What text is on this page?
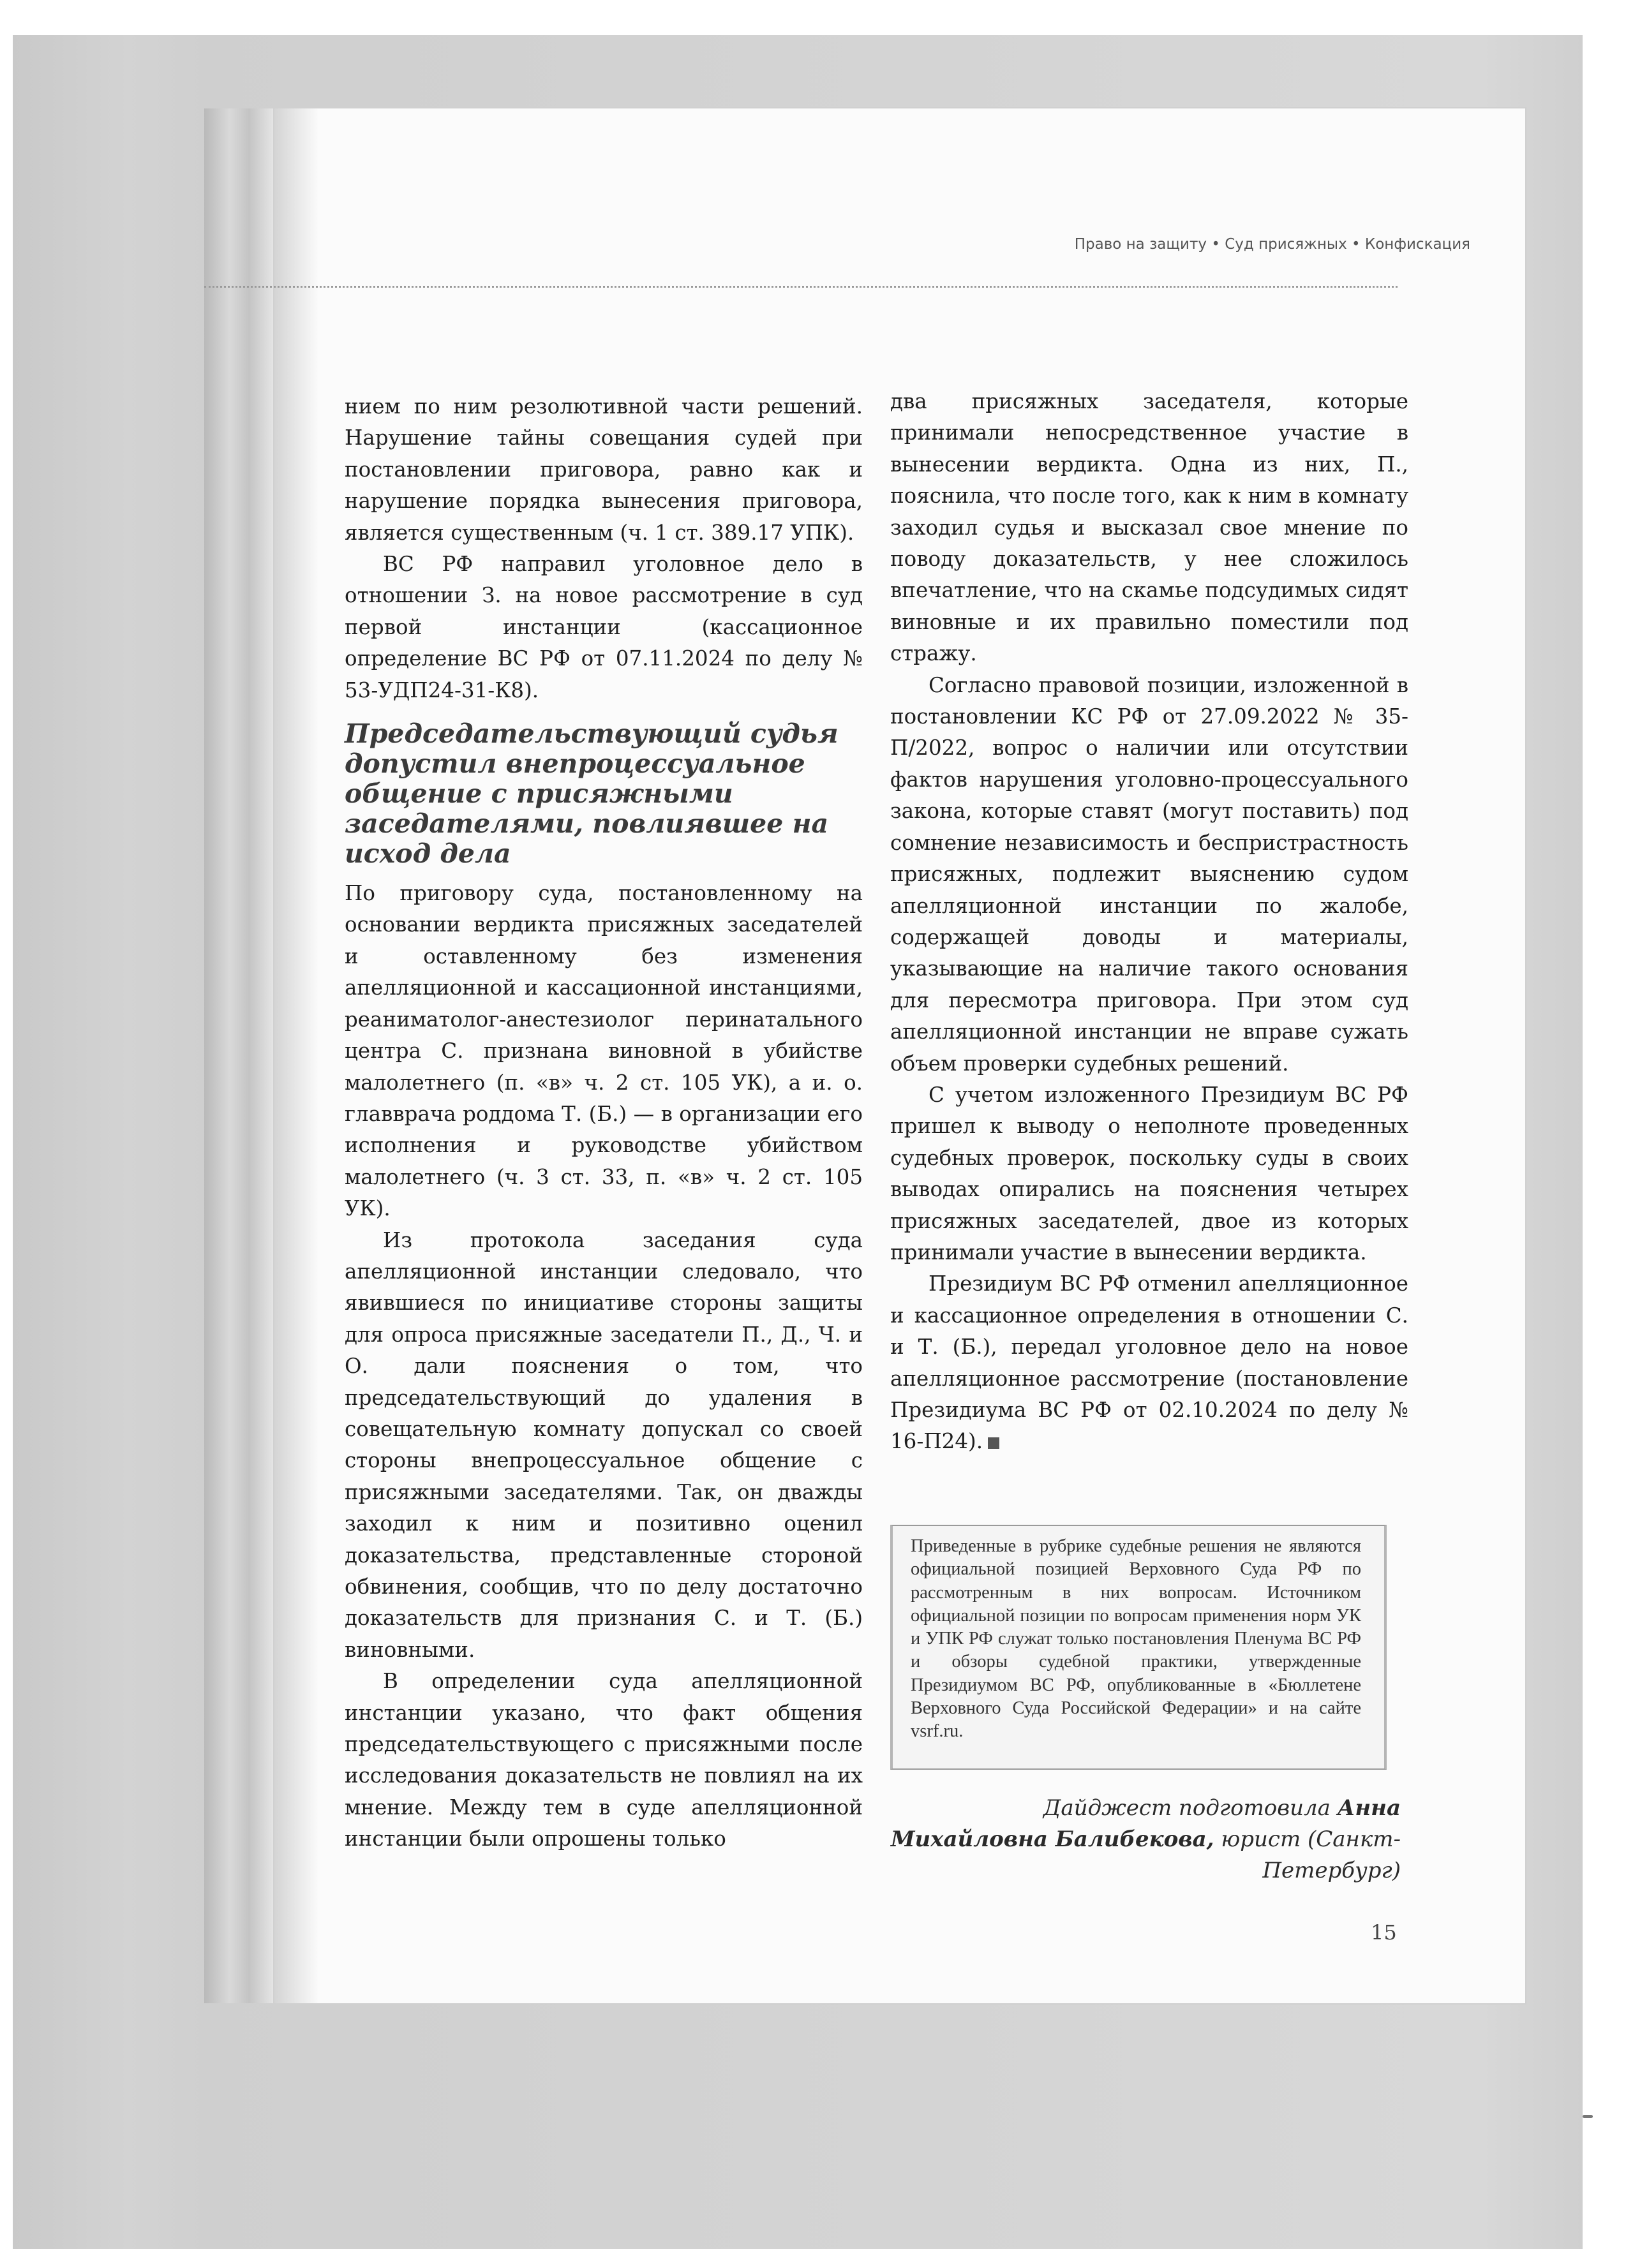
Право на защиту • Суд присяжных • Конфискация

нием по ним резолютивной части решений. Нарушение тайны совещания судей при постановлении приговора, равно как и нарушение порядка вынесения приговора, является существенным (ч. 1 ст. 389.17 УПК).

ВС РФ направил уголовное дело в отношении З. на новое рассмотрение в суд первой инстанции (кассационное определение ВС РФ от 07.11.2024 по делу № 53-УДП24-31-К8).

Председательствующий судья допустил внепроцессуальное общение с присяжными заседателями, повлиявшее на исход дела

По приговору суда, постановленному на основании вердикта присяжных заседателей и оставленному без изменения апелляционной и кассационной инстанциями, реаниматолог-анестезиолог перинатального центра С. признана виновной в убийстве малолетнего (п. «в» ч. 2 ст. 105 УК), а и. о. главврача роддома Т. (Б.) — в организации его исполнения и руководстве убийством малолетнего (ч. 3 ст. 33, п. «в» ч. 2 ст. 105 УК).

Из протокола заседания суда апелляционной инстанции следовало, что явившиеся по инициативе стороны защиты для опроса присяжные заседатели П., Д., Ч. и О. дали пояснения о том, что председательствующий до удаления в совещательную комнату допускал со своей стороны внепроцессуальное общение с присяжными заседателями. Так, он дважды заходил к ним и позитивно оценил доказательства, представленные стороной обвинения, сообщив, что по делу достаточно доказательств для признания С. и Т. (Б.) виновными.

В определении суда апелляционной инстанции указано, что факт общения председательствующего с присяжными после исследования доказательств не повлиял на их мнение. Между тем в суде апелляционной инстанции были опрошены только

два присяжных заседателя, которые принимали непосредственное участие в вынесении вердикта. Одна из них, П., пояснила, что после того, как к ним в комнату заходил судья и высказал свое мнение по поводу доказательств, у нее сложилось впечатление, что на скамье подсудимых сидят виновные и их правильно поместили под стражу.

Согласно правовой позиции, изложенной в постановлении КС РФ от 27.09.2022 № 35-П/2022, вопрос о наличии или отсутствии фактов нарушения уголовно-процессуального закона, которые ставят (могут поставить) под сомнение независимость и беспристрастность присяжных, подлежит выяснению судом апелляционной инстанции по жалобе, содержащей доводы и материалы, указывающие на наличие такого основания для пересмотра приговора. При этом суд апелляционной инстанции не вправе сужать объем проверки судебных решений.

С учетом изложенного Президиум ВС РФ пришел к выводу о неполноте проведенных судебных проверок, поскольку суды в своих выводах опирались на пояснения четырех присяжных заседателей, двое из которых принимали участие в вынесении вердикта.

Президиум ВС РФ отменил апелляционное и кассационное определения в отношении С. и Т. (Б.), передал уголовное дело на новое апелляционное рассмотрение (постановление Президиума ВС РФ от 02.10.2024 по делу № 16-П24).

Приведенные в рубрике судебные решения не являются официальной позицией Верховного Суда РФ по рассмотренным в них вопросам. Источником официальной позиции по вопросам применения норм УК и УПК РФ служат только постановления Пленума ВС РФ и обзоры судебной практики, утвержденные Президиумом ВС РФ, опубликованные в «Бюллетене Верховного Суда Российской Федерации» и на сайте vsrf.ru.

Дайджест подготовила Анна Михайловна Балибекова, юрист (Санкт-Петербург)
15
